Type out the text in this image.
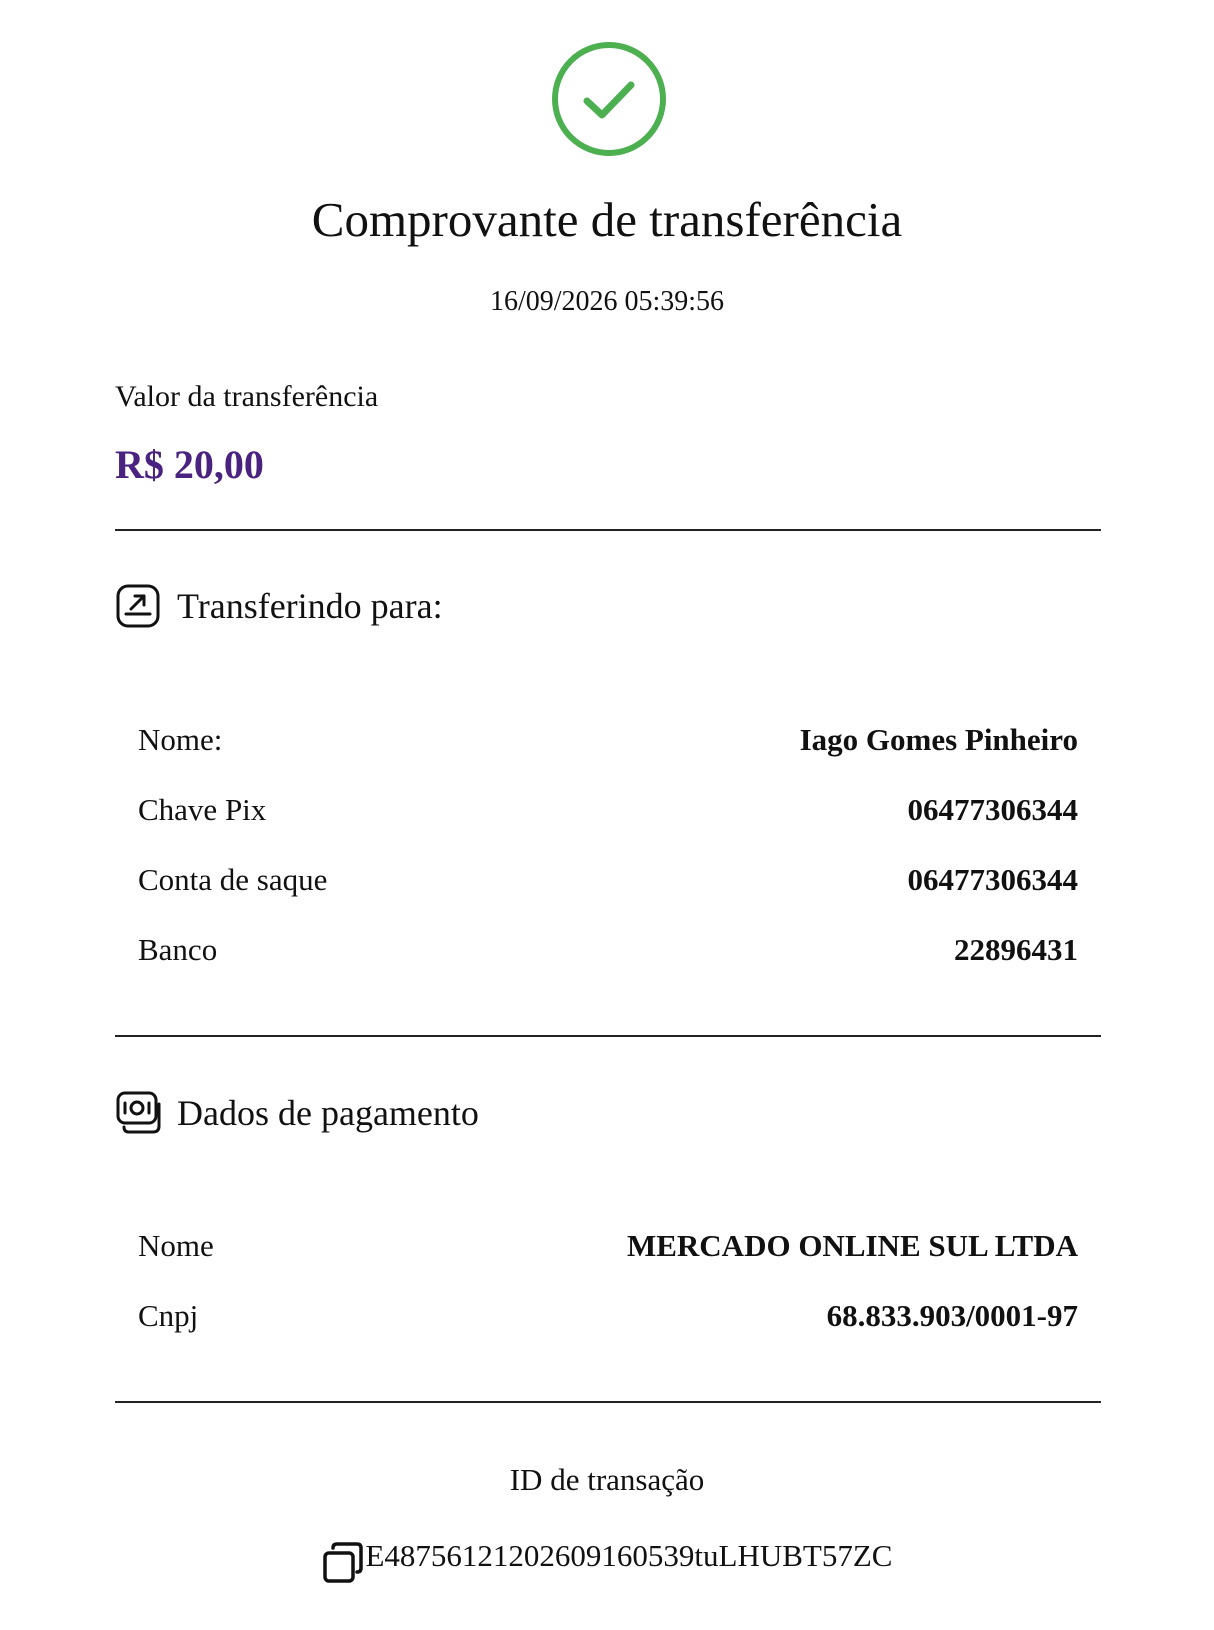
Comprovante de transferência
16/09/2026 05:39:56
Valor da transferência
R$ 20,00
Transferindo para:
Nome:	Iago Gomes Pinheiro
Chave Pix	06477306344
Conta de saque	06477306344
Banco	22896431
Dados de pagamento
Nome	MERCADO ONLINE SUL LTDA
Cnpj	68.833.903/0001-97
ID de transação
E48756121202609160539tuLHUBT57ZC
